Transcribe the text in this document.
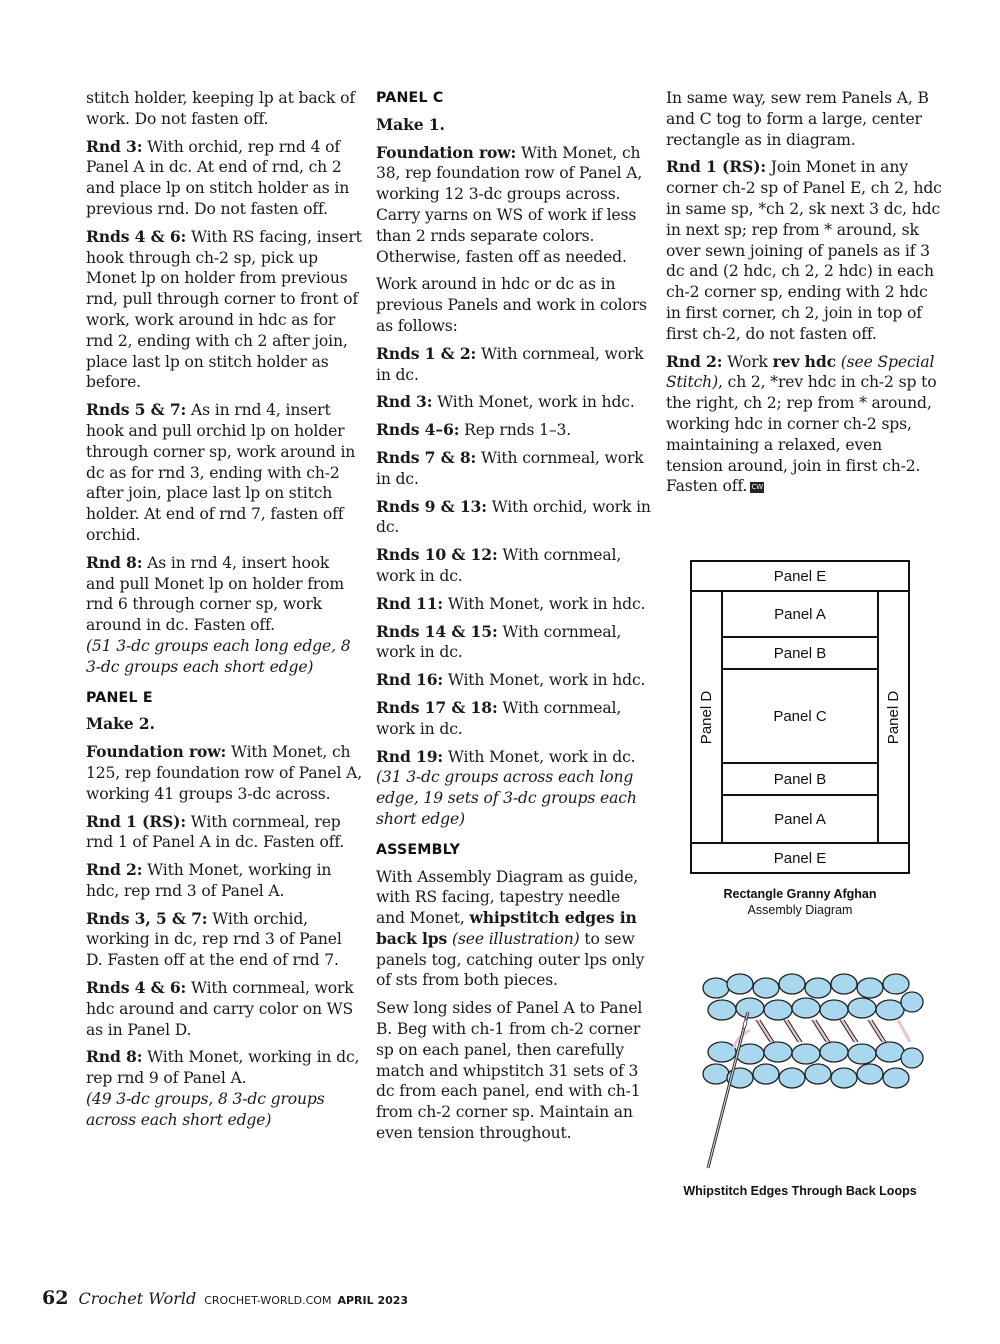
stitch holder, keeping lp at back of work. Do not fasten off.

Rnd 3: With orchid, rep rnd 4 of Panel A in dc. At end of rnd, ch 2 and place lp on stitch holder as in previous rnd. Do not fasten off.

Rnds 4 & 6: With RS facing, insert hook through ch-2 sp, pick up Monet lp on holder from previous rnd, pull through corner to front of work, work around in hdc as for rnd 2, ending with ch 2 after join, place last lp on stitch holder as before.

Rnds 5 & 7: As in rnd 4, insert hook and pull orchid lp on holder through corner sp, work around in dc as for rnd 3, ending with ch-2 after join, place last lp on stitch holder. At end of rnd 7, fasten off orchid.

Rnd 8: As in rnd 4, insert hook and pull Monet lp on holder from rnd 6 through corner sp, work around in dc. Fasten off.
(51 3-dc groups each long edge, 8 3-dc groups each short edge)

PANEL E

Make 2.

Foundation row: With Monet, ch 125, rep foundation row of Panel A, working 41 groups 3-dc across.

Rnd 1 (RS): With cornmeal, rep rnd 1 of Panel A in dc. Fasten off.

Rnd 2: With Monet, working in hdc, rep rnd 3 of Panel A.

Rnds 3, 5 & 7: With orchid, working in dc, rep rnd 3 of Panel D. Fasten off at the end of rnd 7.

Rnds 4 & 6: With cornmeal, work hdc around and carry color on WS as in Panel D.

Rnd 8: With Monet, working in dc, rep rnd 9 of Panel A.
(49 3-dc groups, 8 3-dc groups across each short edge)

PANEL C

Make 1.

Foundation row: With Monet, ch 38, rep foundation row of Panel A, working 12 3-dc groups across. Carry yarns on WS of work if less than 2 rnds separate colors. Otherwise, fasten off as needed.

Work around in hdc or dc as in previous Panels and work in colors as follows:

Rnds 1 & 2: With cornmeal, work in dc.

Rnd 3: With Monet, work in hdc.

Rnds 4–6: Rep rnds 1–3.

Rnds 7 & 8: With cornmeal, work in dc.

Rnds 9 & 13: With orchid, work in dc.

Rnds 10 & 12: With cornmeal, work in dc.

Rnd 11: With Monet, work in hdc.

Rnds 14 & 15: With cornmeal, work in dc.

Rnd 16: With Monet, work in hdc.

Rnds 17 & 18: With cornmeal, work in dc.

Rnd 19: With Monet, work in dc.
(31 3-dc groups across each long edge, 19 sets of 3-dc groups each short edge)

ASSEMBLY

With Assembly Diagram as guide, with RS facing, tapestry needle and Monet, whipstitch edges in back lps (see illustration) to sew panels tog, catching outer lps only of sts from both pieces.

Sew long sides of Panel A to Panel B. Beg with ch-1 from ch-2 corner sp on each panel, then carefully match and whipstitch 31 sets of 3 dc from each panel, end with ch-1 from ch-2 corner sp. Maintain an even tension throughout.

In same way, sew rem Panels A, B and C tog to form a large, center rectangle as in diagram.

Rnd 1 (RS): Join Monet in any corner ch-2 sp of Panel E, ch 2, hdc in same sp, *ch 2, sk next 3 dc, hdc in next sp; rep from * around, sk over sewn joining of panels as if 3 dc and (2 hdc, ch 2, 2 hdc) in each ch-2 corner sp, ending with 2 hdc in first corner, ch 2, join in top of first ch-2, do not fasten off.

Rnd 2: Work rev hdc (see Special Stitch), ch 2, *rev hdc in ch-2 sp to the right, ch 2; rep from * around, working hdc in corner ch-2 sps, maintaining a relaxed, even tension around, join in first ch-2. Fasten off. CW

Panel E
Panel D	Panel D
Panel A
Panel B
Panel C
Panel B
Panel A
Panel E
Rectangle Granny Afghan
Assembly Diagram
Whipstitch Edges Through Back Loops
62 Crochet World CROCHET-WORLD.COM APRIL 2023
